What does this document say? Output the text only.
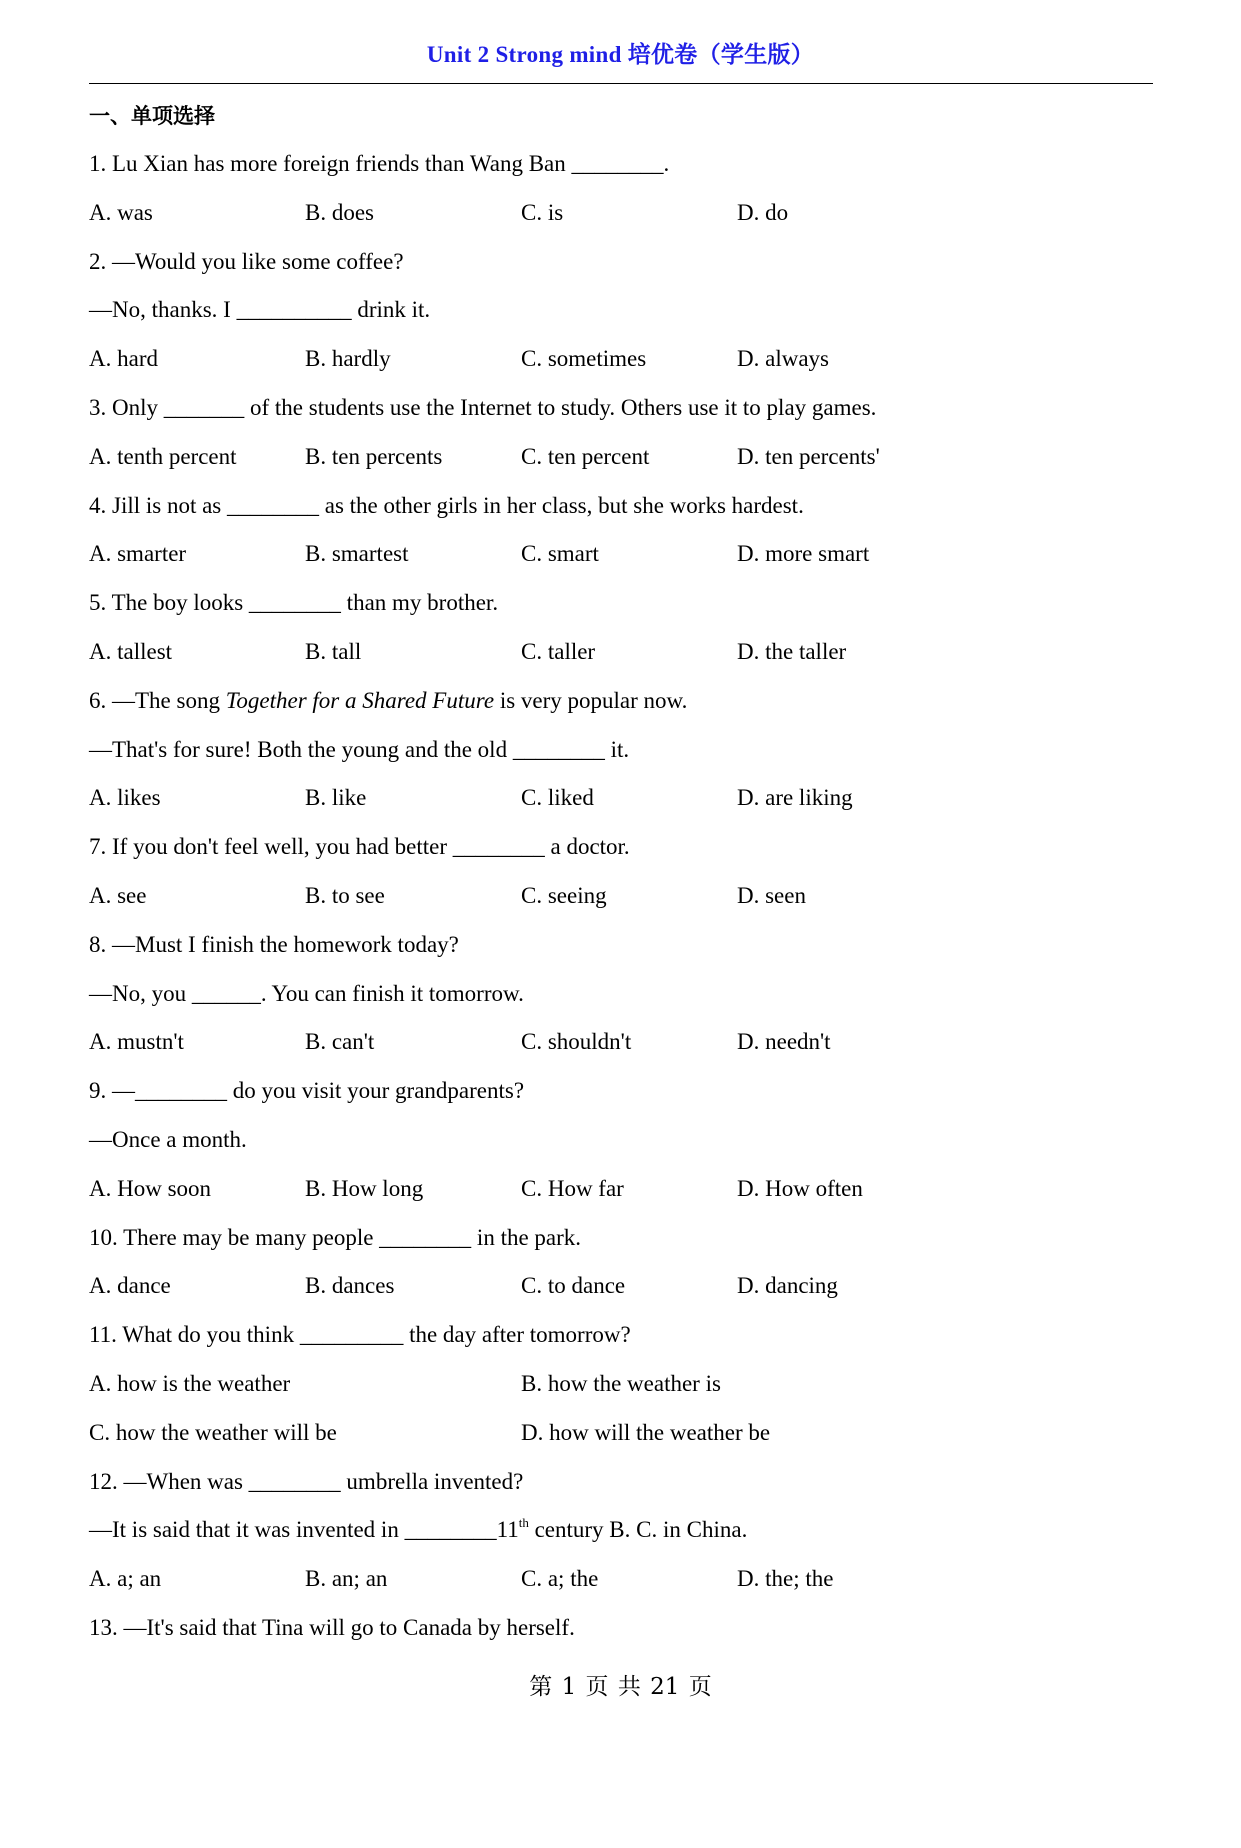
Unit 2 Strong mind 培优卷（学生版）
一、单项选择
1. Lu Xian has more foreign friends than Wang Ban ________.

A. was

	B. does

	C. is

	D. do

2. —Would you like some coffee?
—No, thanks. I __________ drink it.

A. hard

	B. hardly

	C. sometimes

	D. always

3. Only _______ of the students use the Internet to study. Others use it to play games.

A. tenth percent

	B. ten percents

	C. ten percent

	D. ten percents'

4. Jill is not as ________ as the other girls in her class, but she works hardest.

A. smarter

	B. smartest

	C. smart

	D. more smart

5. The boy looks ________ than my brother.

A. tallest

	B. tall

	C. taller

	D. the taller

6. —The song Together for a Shared Future is very popular now.
—That's for sure! Both the young and the old ________ it.

A. likes

	B. like

	C. liked

	D. are liking

7. If you don't feel well, you had better ________ a doctor.

A. see

	B. to see

	C. seeing

	D. seen

8. —Must I finish the homework today?
—No, you ______. You can finish it tomorrow.

A. mustn't

	B. can't

	C. shouldn't

	D. needn't

9. —________ do you visit your grandparents?
—Once a month.

A. How soon

	B. How long

	C. How far

	D. How often

10. There may be many people ________ in the park.

A. dance

	B. dances

	C. to dance

	D. dancing

11. What do you think _________ the day after tomorrow?

A. how is the weather

	B. how the weather is

C. how the weather will be

	D. how will the weather be

12. —When was ________ umbrella invented?
—It is said that it was invented in ________11th century B. C. in China.

A. a; an

	B. an; an

	C. a; the

	D. the; the

13. —It's said that Tina will go to Canada by herself.
第 1 页 共 21 页
